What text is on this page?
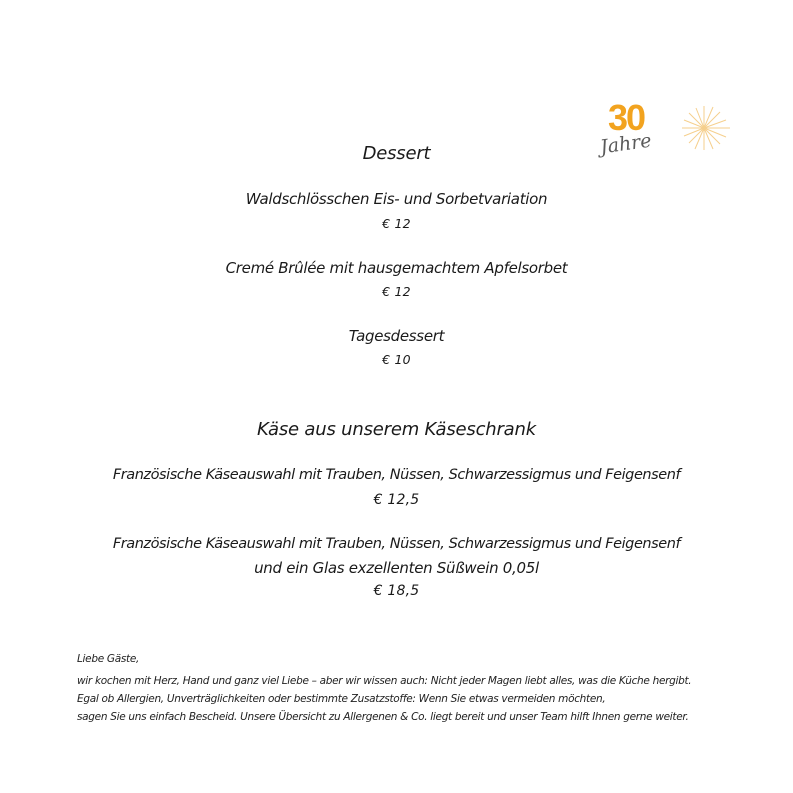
30
Jahre
Dessert
Waldschlösschen Eis- und Sorbetvariation
€ 12
Cremé Brûlée mit hausgemachtem Apfelsorbet
€ 12
Tagesdessert
€ 10
Käse aus unserem Käseschrank
Französische Käseauswahl mit Trauben, Nüssen, Schwarzessigmus und Feigensenf
€ 12,5
Französische Käseauswahl mit Trauben, Nüssen, Schwarzessigmus und Feigensenf
und ein Glas exzellenten Süßwein 0,05l
€ 18,5
Liebe Gäste,
wir kochen mit Herz, Hand und ganz viel Liebe – aber wir wissen auch: Nicht jeder Magen liebt alles, was die Küche hergibt.
Egal ob Allergien, Unverträglichkeiten oder bestimmte Zusatzstoffe: Wenn Sie etwas vermeiden möchten,
sagen Sie uns einfach Bescheid. Unsere Übersicht zu Allergenen & Co. liegt bereit und unser Team hilft Ihnen gerne weiter.
